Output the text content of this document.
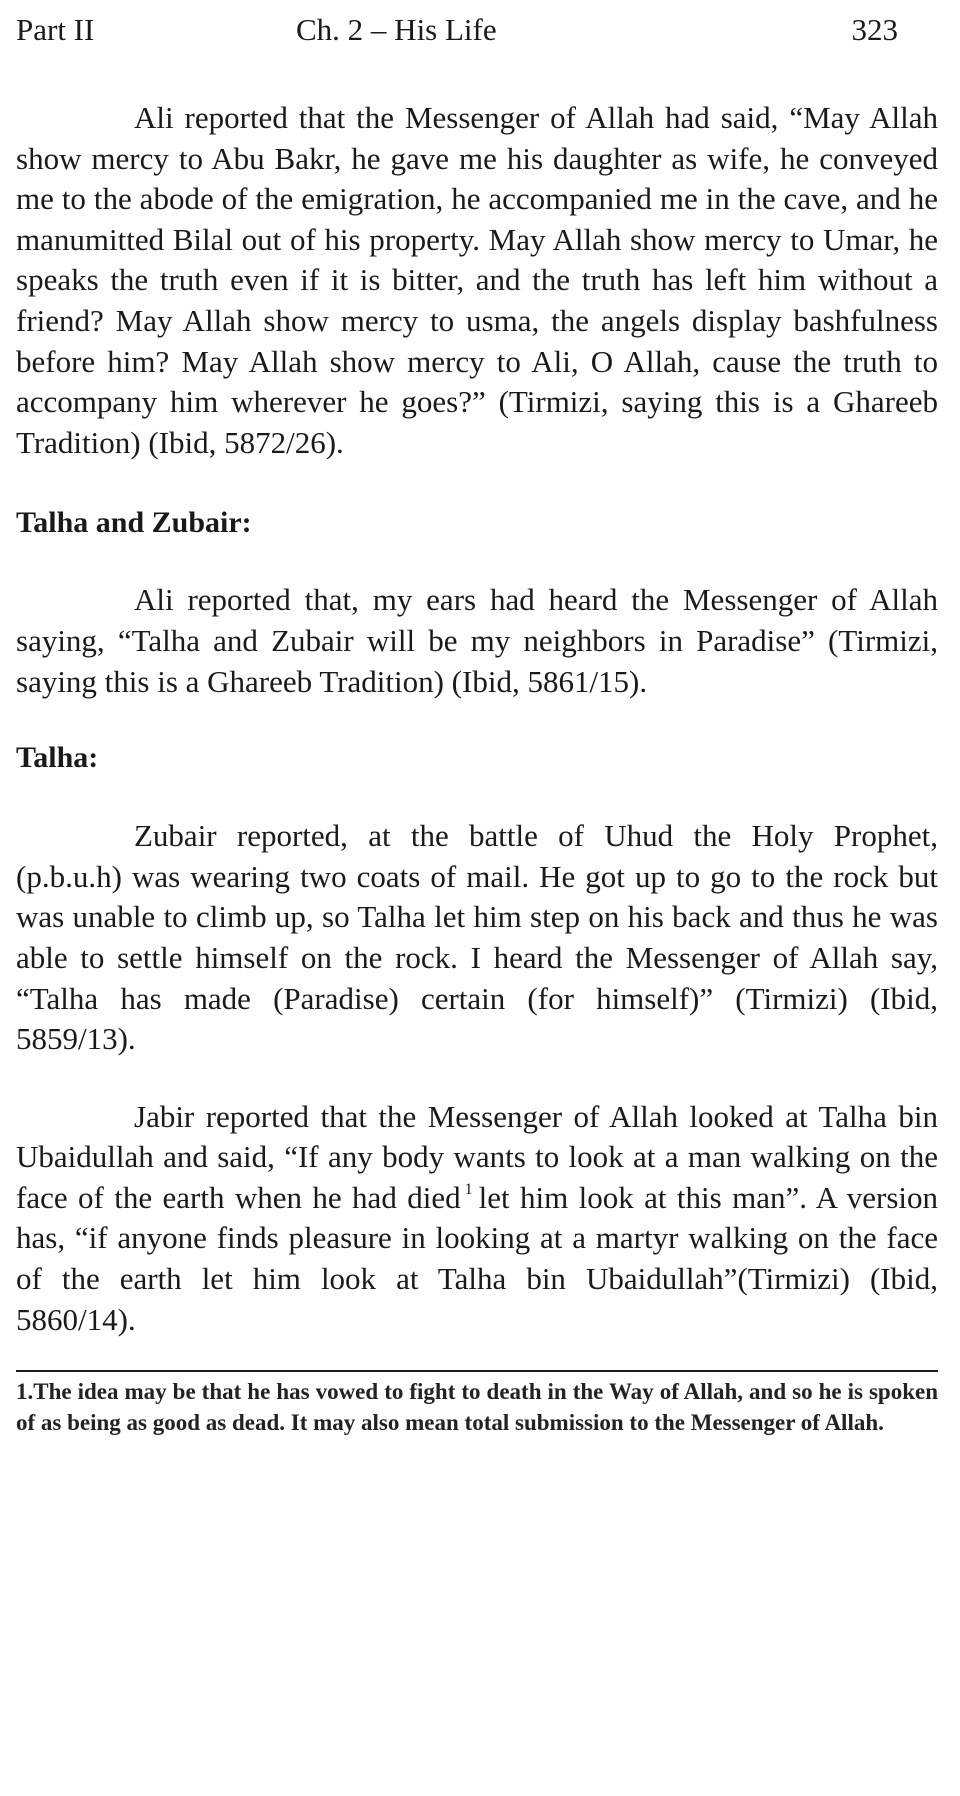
Part II	Ch. 2 – His Life	323

Ali reported that the Messenger of Allah had said, “May Allah show mercy to Abu Bakr, he gave me his daughter as wife, he conveyed me to the abode of the emigration, he accompanied me in the cave, and he manumitted Bilal out of his property. May Allah show mercy to Umar, he speaks the truth even if it is bitter, and the truth has left him without a friend? May Allah show mercy to usma, the angels display bashfulness before him? May Allah show mercy to Ali, O Allah, cause the truth to accompany him wherever he goes?” (Tirmizi, saying this is a Ghareeb Tradition) (Ibid, 5872/26).

Talha and Zubair:

Ali reported that, my ears had heard the Messenger of Allah saying, “Talha and Zubair will be my neighbors in Paradise” (Tirmizi, saying this is a Ghareeb Tradition) (Ibid, 5861/15).

Talha:

Zubair reported, at the battle of Uhud the Holy Prophet, (p.b.u.h) was wearing two coats of mail. He got up to go to the rock but was unable to climb up, so Talha let him step on his back and thus he was able to settle himself on the rock. I heard the Messenger of Allah say, “Talha has made (Paradise) certain (for himself)” (Tirmizi) (Ibid, 5859/13).

Jabir reported that the Messenger of Allah looked at Talha bin Ubaidullah and said, “If any body wants to look at a man walking on the face of the earth when he had died $^1$ let him look at this man”. A version has, “if anyone finds pleasure in looking at a martyr walking on the face of the earth let him look at Talha bin Ubaidullah”(Tirmizi) (Ibid, 5860/14).

1.The idea may be that he has vowed to fight to death in the Way of Allah, and so he is spoken of as being as good as dead. It may also mean total submission to the Messenger of Allah.
